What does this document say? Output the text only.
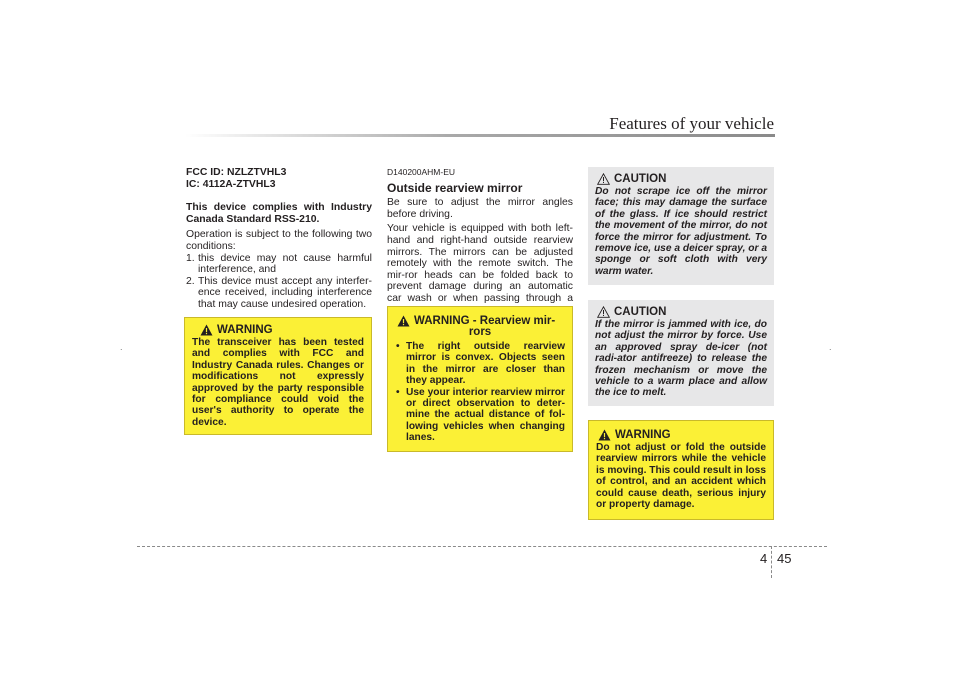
Features of your vehicle
.	.

FCC ID: NZLZTVHL3

IC: 4112A-ZTVHL3

This device complies with Industry Canada Standard RSS-210.

Operation is subject to the following two conditions:

1. this device may not cause harmful interference, and
2. This device must accept any interfer-ence received, including interference that may cause undesired operation.
WARNING
The transceiver has been tested and complies with FCC and Industry Canada rules. Changes or modifications not expressly approved by the party responsible for compliance could void the user's authority to operate the device.

D140200AHM-EU

Outside rearview mirror

Be sure to adjust the mirror angles before driving.

Your vehicle is equipped with both left-hand and right-hand outside rearview mirrors. The mirrors can be adjusted remotely with the remote switch. The mir-ror heads can be folded back to prevent damage during an automatic car wash or when passing through a

WARNING - Rearview mir-
rors
• The right outside rearview mirror is convex. Objects seen in the mirror are closer than they appear.
• Use your interior rearview mirror or direct observation to deter-mine the actual distance of fol-lowing vehicles when changing lanes.
CAUTION
Do not scrape ice off the mirror face; this may damage the surface of the glass. If ice should restrict the movement of the mirror, do not force the mirror for adjustment. To remove ice, use a deicer spray, or a sponge or soft cloth with very warm water.
CAUTION
If the mirror is jammed with ice, do not adjust the mirror by force. Use an approved spray de-icer (not radi-ator antifreeze) to release the frozen mechanism or move the vehicle to a warm place and allow the ice to melt.
WARNING
Do not adjust or fold the outside rearview mirrors while the vehicle is moving. This could result in loss of control, and an accident which could cause death, serious injury or property damage.
4 45
